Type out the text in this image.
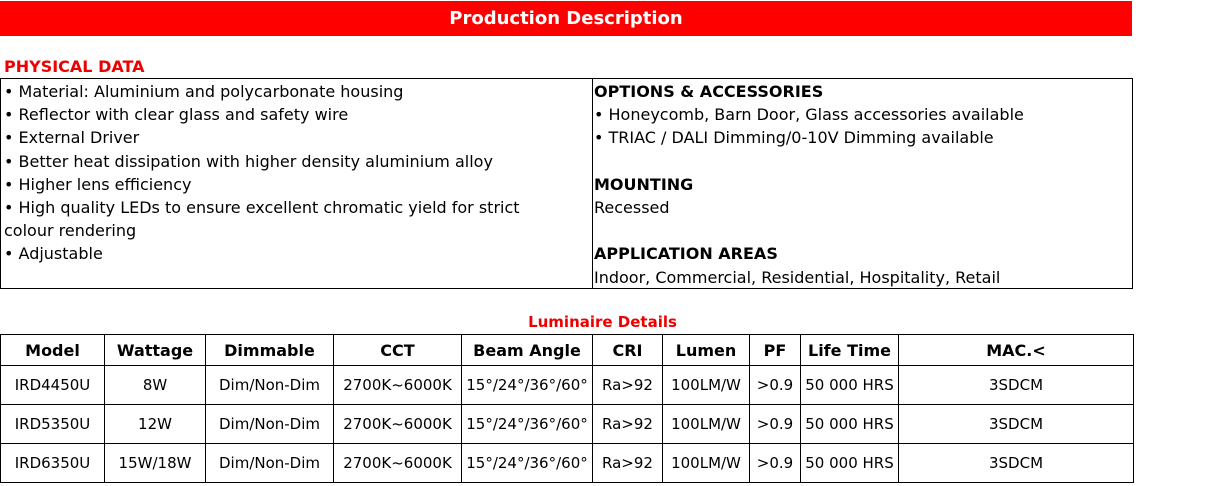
Production Description
PHYSICAL DATA
• Material: Aluminium and polycarbonate housing
• Reflector with clear glass and safety wire
• External Driver
• Better heat dissipation with higher density aluminium alloy
• Higher lens efficiency
• High quality LEDs to ensure excellent chromatic yield for strict
colour rendering
• Adjustable
OPTIONS & ACCESSORIES
• Honeycomb, Barn Door, Glass accessories available
• TRIAC / DALI Dimming/0-10V Dimming available
MOUNTING
Recessed
APPLICATION AREAS
Indoor, Commercial, Residential, Hospitality, Retail
Luminaire Details
Model	Wattage	Dimmable	CCT	Beam Angle	CRI	Lumen	PF	Life Time	MAC.<
IRD4450U	8W	Dim/Non-Dim	2700K~6000K	15°/24°/36°/60°	Ra>92	100LM/W	>0.9	50 000 HRS	3SDCM
IRD5350U	12W	Dim/Non-Dim	2700K~6000K	15°/24°/36°/60°	Ra>92	100LM/W	>0.9	50 000 HRS	3SDCM
IRD6350U	15W/18W	Dim/Non-Dim	2700K~6000K	15°/24°/36°/60°	Ra>92	100LM/W	>0.9	50 000 HRS	3SDCM
